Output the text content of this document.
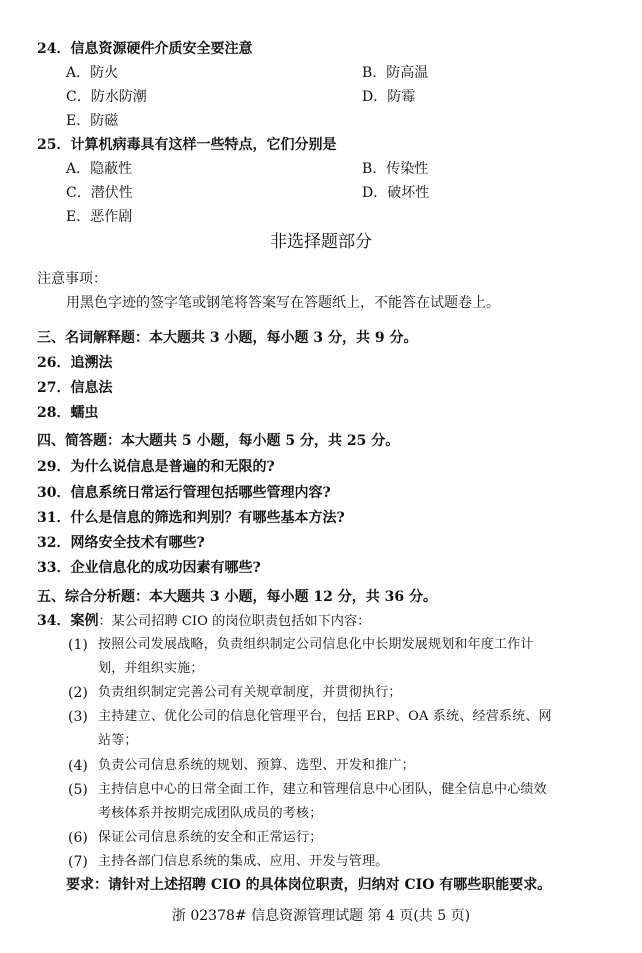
24．信息资源硬件介质安全要注意
A．防火	B．防高温
C．防水防潮	D．防霉
E．防磁
25．计算机病毒具有这样一些特点，它们分别是
A．隐蔽性	B．传染性
C．潜伏性	D．破坏性
E．恶作剧
非选择题部分
注意事项：
用黑色字迹的签字笔或钢笔将答案写在答题纸上，不能答在试题卷上。
三、名词解释题：本大题共 3 小题，每小题 3 分，共 9 分。
26．追溯法
27．信息法
28．蠕虫
四、简答题：本大题共 5 小题，每小题 5 分，共 25 分。
29．为什么说信息是普遍的和无限的?
30．信息系统日常运行管理包括哪些管理内容?
31．什么是信息的筛选和判别？有哪些基本方法?
32．网络安全技术有哪些?
33．企业信息化的成功因素有哪些?
五、综合分析题：本大题共 3 小题，每小题 12 分，共 36 分。
34．案例：某公司招聘 CIO 的岗位职责包括如下内容：
(1) 按照公司发展战略，负责组织制定公司信息化中长期发展规划和年度工作计
划，并组织实施；
(2) 负责组织制定完善公司有关规章制度，并贯彻执行；
(3) 主持建立、优化公司的信息化管理平台，包括 ERP、OA 系统、经营系统、网
站等；
(4) 负责公司信息系统的规划、预算、选型、开发和推广；
(5) 主持信息中心的日常全面工作，建立和管理信息中心团队，健全信息中心绩效
考核体系并按期完成团队成员的考核；
(6) 保证公司信息系统的安全和正常运行；
(7) 主持各部门信息系统的集成、应用、开发与管理。
要求：请针对上述招聘 CIO 的具体岗位职责，归纳对 CIO 有哪些职能要求。
浙 02378# 信息资源管理试题 第 4 页(共 5 页)
